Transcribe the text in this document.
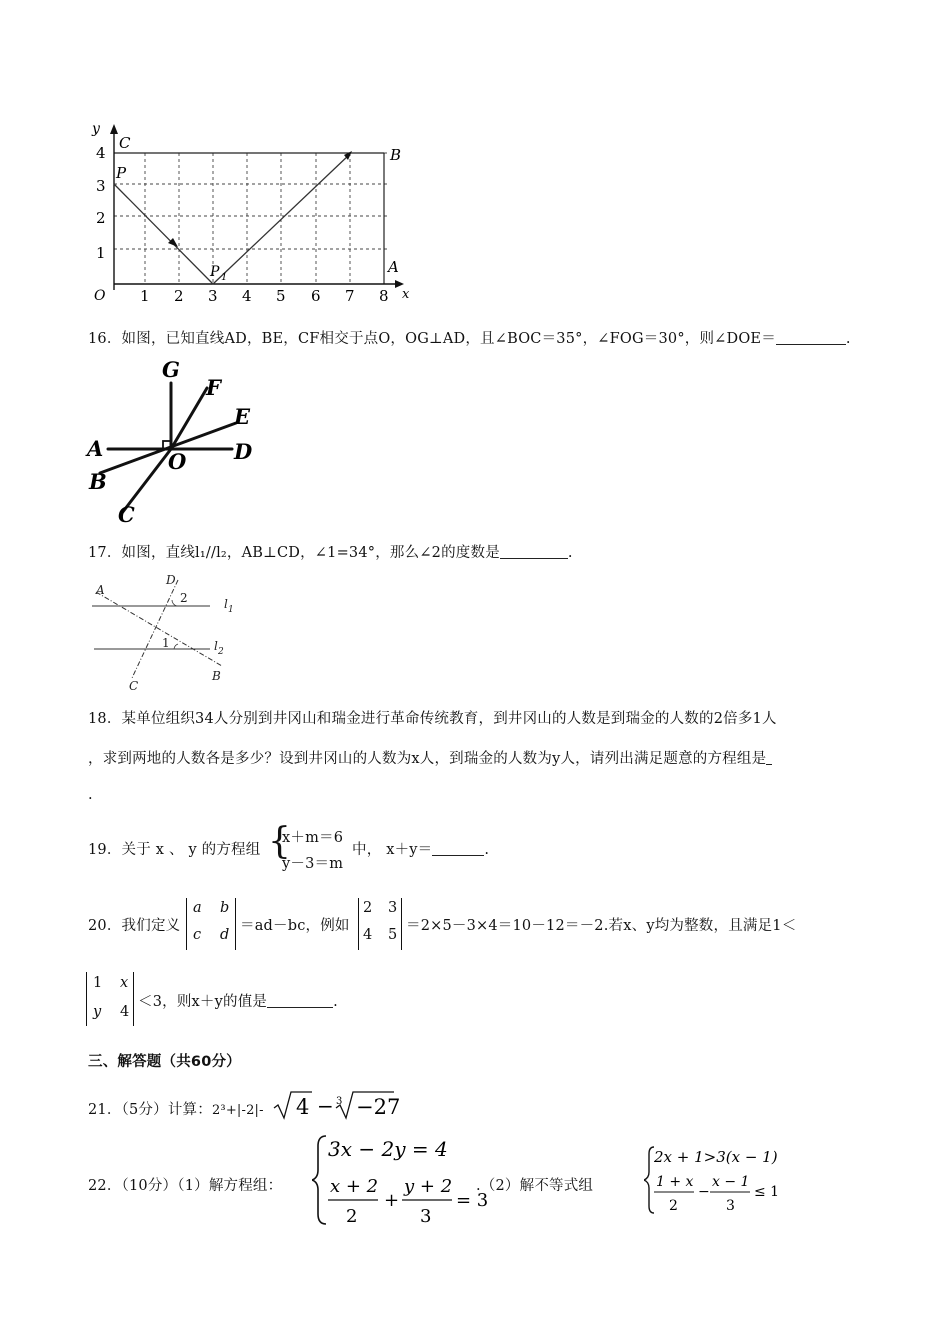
y
x
O
1
2
3
4
1 2 3 4 5 6 7 8
C
B
P
P 1
A
16．如图，已知直线AD，BE，CF相交于点O，OG⊥AD，且∠BOC＝35°，∠FOG＝30°，则∠DOE＝	.
G
F
E
A	D
O
B
C
17．如图，直线l₁//l₂，AB⊥CD，∠1=34°，那么∠2的度数是	.
A
D
l 1
l 2
C
B
2
1
18．某单位组织34人分别到井冈山和瑞金进行革命传统教育，到井冈山的人数是到瑞金的人数的2倍多1人
，求到两地的人数各是多少？设到井冈山的人数为x人，到瑞金的人数为y人，请列出满足题意的方程组是
.
19．关于 x 、 y 的方程组 {
x＋m＝6
y－3＝m
中， x＋y＝	.
20．我们定义
a b
c d
＝ad－bc，例如
2 3
4 5
＝2×5－3×4＝10－12＝－2.若x、y均为整数，且满足1＜
1 x
y 4
＜3，则x＋y的值是	.
三、解答题（共60分）
21．（5分）计算：2³+|-2|- 4 − 3 −27
22．（10分）（1）解方程组：
3x − 2y = 4
x + 2
2
+
y + 2
3
= 3
.（2）解不等式组
2x + 1>3(x − 1)
1 + x
2
−
x − 1
3
≤ 1
